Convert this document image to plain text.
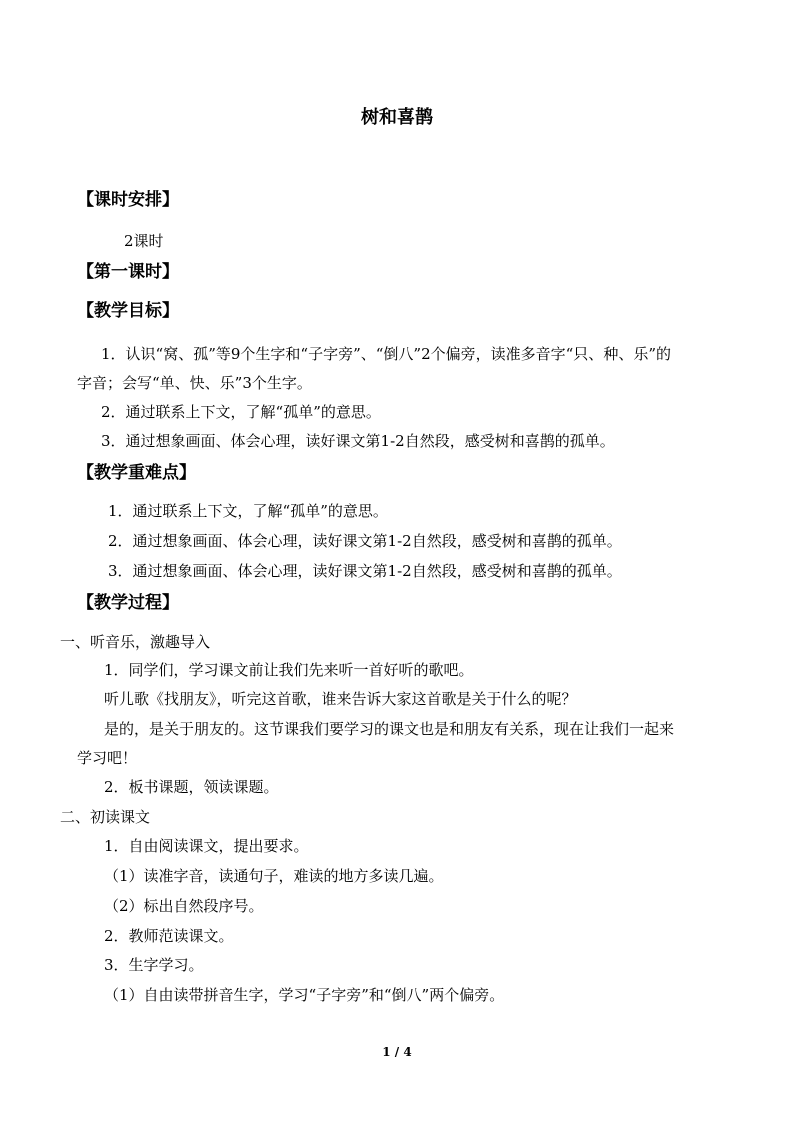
树和喜鹊
【课时安排】
2课时
【第一课时】
【教学目标】
1．认识“窝、孤”等9个生字和“子字旁”、“倒八”2个偏旁，读准多音字“只、种、乐”的
字音；会写“单、快、乐”3个生字。
2．通过联系上下文，了解“孤单”的意思。
3．通过想象画面、体会心理，读好课文第1-2自然段，感受树和喜鹊的孤单。
【教学重难点】
1．通过联系上下文，了解“孤单”的意思。
2．通过想象画面、体会心理，读好课文第1-2自然段，感受树和喜鹊的孤单。
3．通过想象画面、体会心理，读好课文第1-2自然段，感受树和喜鹊的孤单。
【教学过程】
一、听音乐，激趣导入
1．同学们，学习课文前让我们先来听一首好听的歌吧。
听儿歌《找朋友》，听完这首歌，谁来告诉大家这首歌是关于什么的呢？
是的，是关于朋友的。这节课我们要学习的课文也是和朋友有关系，现在让我们一起来
学习吧！
2．板书课题，领读课题。
二、初读课文
1．自由阅读课文，提出要求。
（1）读准字音，读通句子，难读的地方多读几遍。
（2）标出自然段序号。
2．教师范读课文。
3．生字学习。
（1）自由读带拼音生字，学习“子字旁”和“倒八”两个偏旁。
1 / 4
